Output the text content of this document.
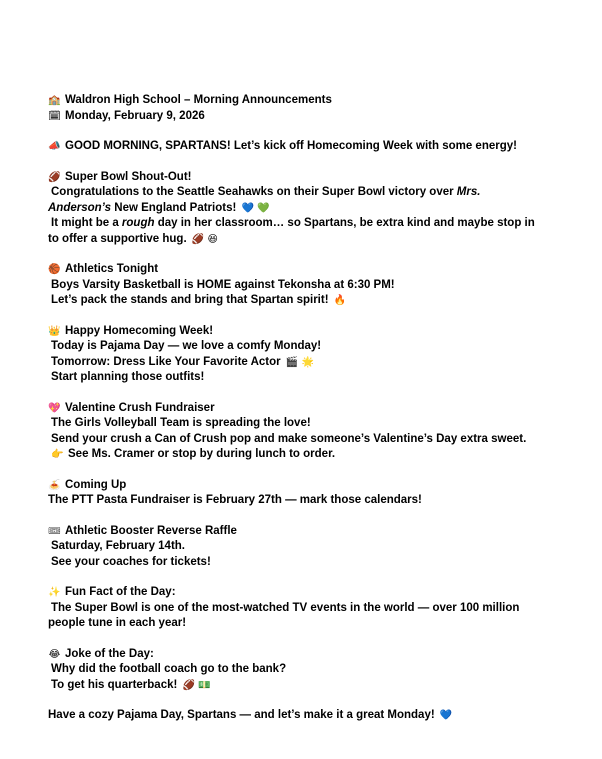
🏫 Waldron High School – Morning Announcements
🗓 Monday, February 9, 2026
📣 GOOD MORNING, SPARTANS! Let’s kick off Homecoming Week with some energy!
🏈 Super Bowl Shout-Out!
Congratulations to the Seattle Seahawks on their Super Bowl victory over Mrs.
Anderson’s New England Patriots! 💙 💚
It might be a rough day in her classroom… so Spartans, be extra kind and maybe stop in
to offer a supportive hug. 🏈 😆
🏀 Athletics Tonight
Boys Varsity Basketball is HOME against Tekonsha at 6:30 PM!
Let’s pack the stands and bring that Spartan spirit! 🔥
👑 Happy Homecoming Week!
Today is Pajama Day — we love a comfy Monday!
Tomorrow: Dress Like Your Favorite Actor 🎬 🌟
Start planning those outfits!
💖 Valentine Crush Fundraiser
The Girls Volleyball Team is spreading the love!
Send your crush a Can of Crush pop and make someone’s Valentine’s Day extra sweet.
👉 See Ms. Cramer or stop by during lunch to order.
🍝 Coming Up
The PTT Pasta Fundraiser is February 27th — mark those calendars!
🎟 Athletic Booster Reverse Raffle
Saturday, February 14th.
See your coaches for tickets!
✨ Fun Fact of the Day:
The Super Bowl is one of the most-watched TV events in the world — over 100 million
people tune in each year!
😂 Joke of the Day:
Why did the football coach go to the bank?
To get his quarterback! 🏈 💵
Have a cozy Pajama Day, Spartans — and let’s make it a great Monday! 💙
